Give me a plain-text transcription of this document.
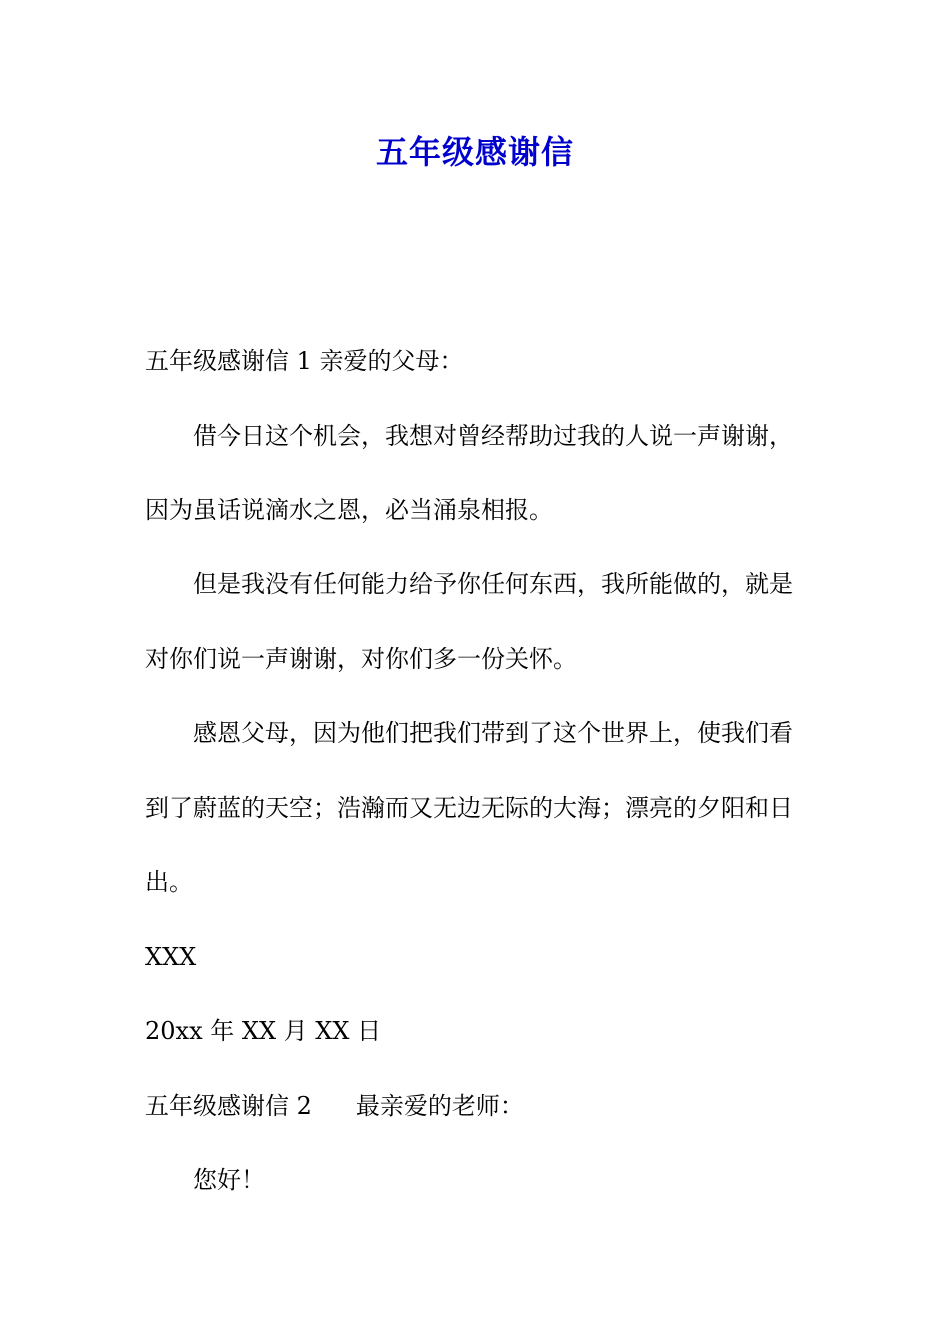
五年级感谢信
五年级感谢信 1 亲爱的父母：
借今日这个机会，我想对曾经帮助过我的人说一声谢谢，
因为虽话说滴水之恩，必当涌泉相报。
但是我没有任何能力给予你任何东西，我所能做的，就是
对你们说一声谢谢，对你们多一份关怀。
感恩父母，因为他们把我们带到了这个世界上，使我们看
到了蔚蓝的天空；浩瀚而又无边无际的大海；漂亮的夕阳和日
出。
XXX
20xx 年 XX 月 XX 日
五年级感谢信 2 最亲爱的老师：
您好！
